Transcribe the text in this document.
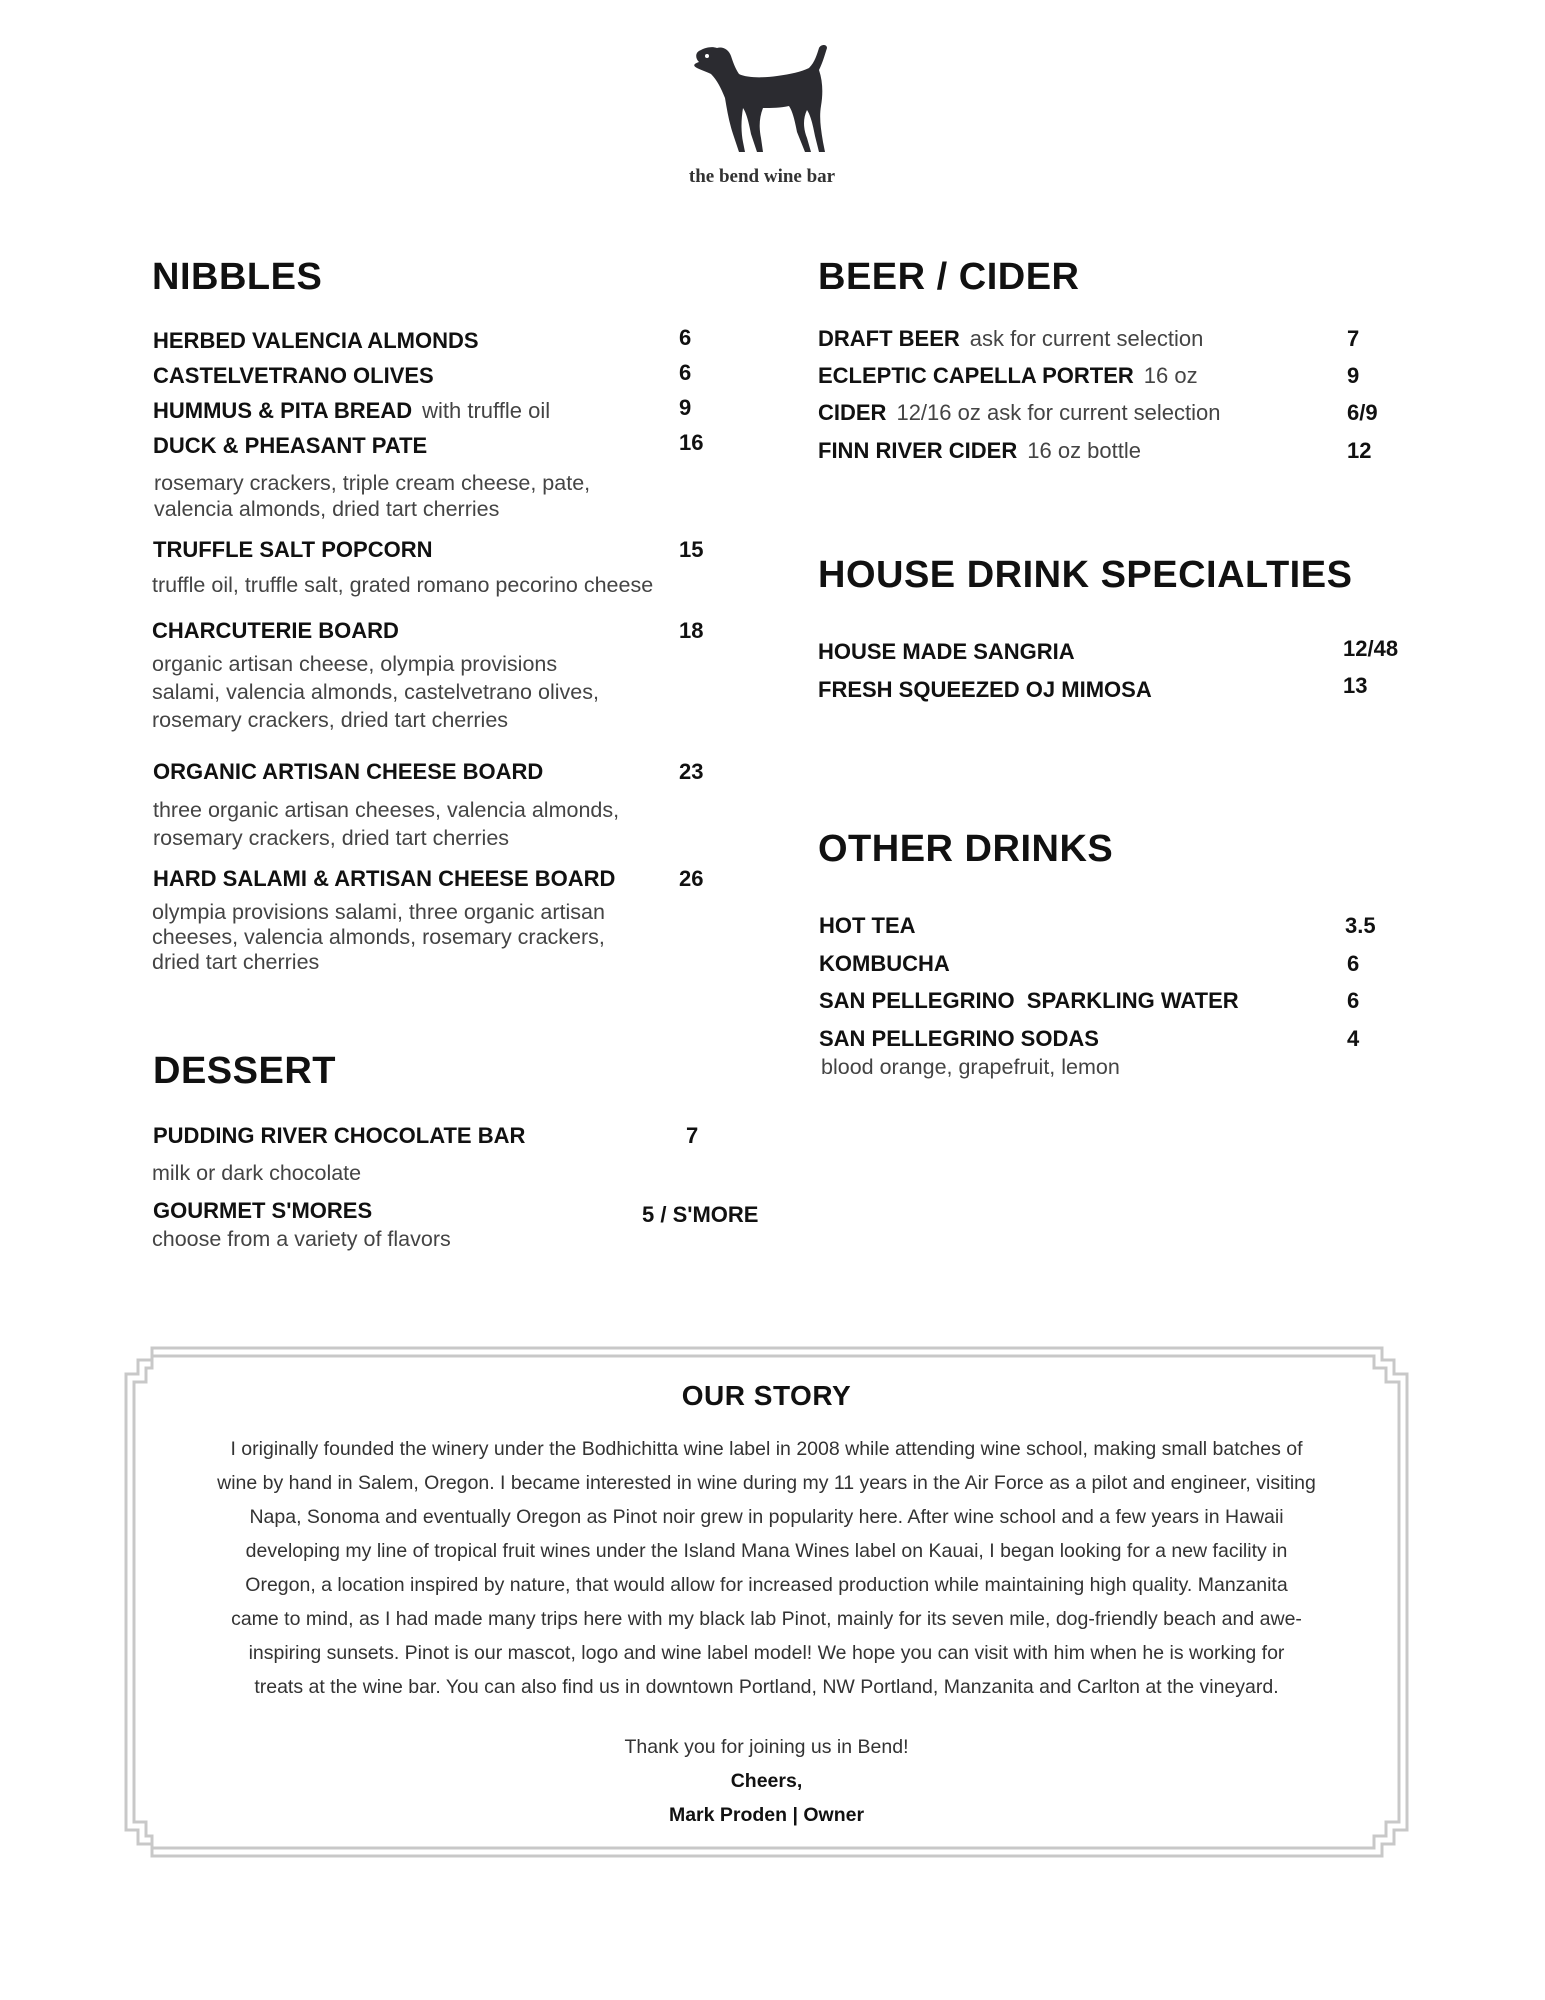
the bend wine bar
NIBBLES
HERBED VALENCIA ALMONDS	6
CASTELVETRANO OLIVES	6
HUMMUS & PITA BREAD with truffle oil	9
DUCK & PHEASANT PATE	16
rosemary crackers, triple cream cheese, pate,
valencia almonds, dried tart cherries
TRUFFLE SALT POPCORN	15
truffle oil, truffle salt, grated romano pecorino cheese
CHARCUTERIE BOARD	18
organic artisan cheese, olympia provisions
salami, valencia almonds, castelvetrano olives,
rosemary crackers, dried tart cherries
ORGANIC ARTISAN CHEESE BOARD	23
three organic artisan cheeses, valencia almonds,
rosemary crackers, dried tart cherries
HARD SALAMI & ARTISAN CHEESE BOARD	26
olympia provisions salami, three organic artisan
cheeses, valencia almonds, rosemary crackers,
dried tart cherries
DESSERT
PUDDING RIVER CHOCOLATE BAR	7
milk or dark chocolate
GOURMET S'MORES	5 / S'MORE
choose from a variety of flavors
BEER / CIDER
DRAFT BEER ask for current selection	7
ECLEPTIC CAPELLA PORTER 16 oz	9
CIDER 12/16 oz ask for current selection	6/9
FINN RIVER CIDER 16 oz bottle	12
HOUSE DRINK SPECIALTIES
HOUSE MADE SANGRIA	12/48
FRESH SQUEEZED OJ MIMOSA	13
OTHER DRINKS
HOT TEA	3.5
KOMBUCHA	6
SAN PELLEGRINO  SPARKLING WATER	6
SAN PELLEGRINO SODAS	4
blood orange, grapefruit, lemon
OUR STORY
I originally founded the winery under the Bodhichitta wine label in 2008 while attending wine school, making small batches of
wine by hand in Salem, Oregon. I became interested in wine during my 11 years in the Air Force as a pilot and engineer, visiting
Napa, Sonoma and eventually Oregon as Pinot noir grew in popularity here. After wine school and a few years in Hawaii
developing my line of tropical fruit wines under the Island Mana Wines label on Kauai, I began looking for a new facility in
Oregon, a location inspired by nature, that would allow for increased production while maintaining high quality. Manzanita
came to mind, as I had made many trips here with my black lab Pinot, mainly for its seven mile, dog-friendly beach and awe-
inspiring sunsets. Pinot is our mascot, logo and wine label model! We hope you can visit with him when he is working for
treats at the wine bar. You can also find us in downtown Portland, NW Portland, Manzanita and Carlton at the vineyard.
Thank you for joining us in Bend!
Cheers,
Mark Proden | Owner
